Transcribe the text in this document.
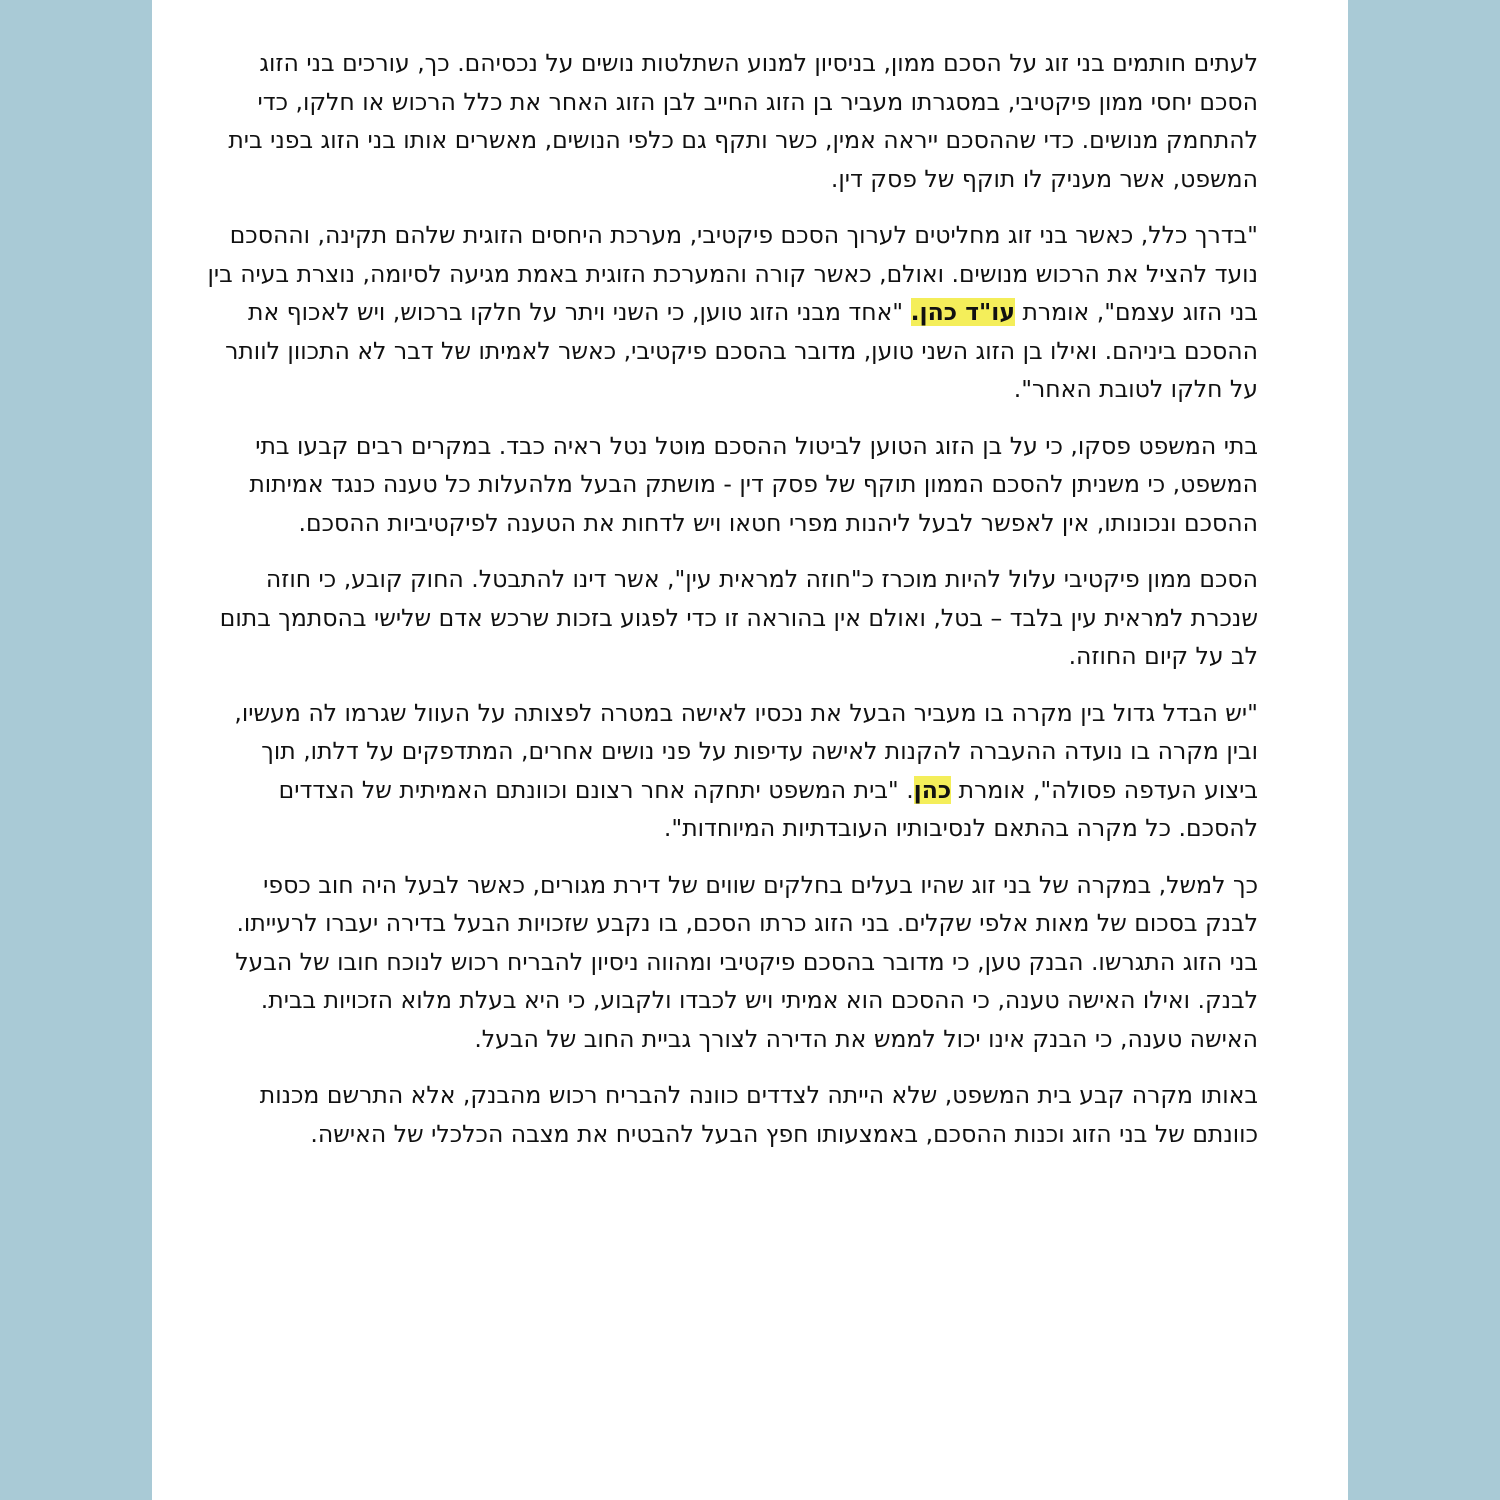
לעתים חותמים בני זוג על הסכם ממון, בניסיון למנוע השתלטות נושים על נכסיהם. כך, עורכים בני הזוג הסכם יחסי ממון פיקטיבי, במסגרתו מעביר בן הזוג החייב לבן הזוג האחר את כלל הרכוש או חלקו, כדי להתחמק מנושים. כדי שההסכם ייראה אמין, כשר ותקף גם כלפי הנושים, מאשרים אותו בני הזוג בפני בית המשפט, אשר מעניק לו תוקף של פסק דין.

"בדרך כלל, כאשר בני זוג מחליטים לערוך הסכם פיקטיבי, מערכת היחסים הזוגית שלהם תקינה, וההסכם נועד להציל את הרכוש מנושים. ואולם, כאשר קורה והמערכת הזוגית באמת מגיעה לסיומה, נוצרת בעיה בין בני הזוג עצמם", אומרת עו"ד כהן. "אחד מבני הזוג טוען, כי השני ויתר על חלקו ברכוש, ויש לאכוף את ההסכם ביניהם. ואילו בן הזוג השני טוען, מדובר בהסכם פיקטיבי, כאשר לאמיתו של דבר לא התכוון לוותר על חלקו לטובת האחר".

בתי המשפט פסקו, כי על בן הזוג הטוען לביטול ההסכם מוטל נטל ראיה כבד. במקרים רבים קבעו בתי המשפט, כי משניתן להסכם הממון תוקף של פסק דין - מושתק הבעל מלהעלות כל טענה כנגד אמיתות ההסכם ונכונותו, אין לאפשר לבעל ליהנות מפרי חטאו ויש לדחות את הטענה לפיקטיביות ההסכם.

הסכם ממון פיקטיבי עלול להיות מוכרז כ"חוזה למראית עין", אשר דינו להתבטל. החוק קובע, כי חוזה שנכרת למראית עין בלבד – בטל, ואולם אין בהוראה זו כדי לפגוע בזכות שרכש אדם שלישי בהסתמך בתום לב על קיום החוזה.

"יש הבדל גדול בין מקרה בו מעביר הבעל את נכסיו לאישה במטרה לפצותה על העוול שגרמו לה מעשיו, ובין מקרה בו נועדה ההעברה להקנות לאישה עדיפות על פני נושים אחרים, המתדפקים על דלתו, תוך ביצוע העדפה פסולה", אומרת כהן. "בית המשפט יתחקה אחר רצונם וכוונתם האמיתית של הצדדים להסכם. כל מקרה בהתאם לנסיבותיו העובדתיות המיוחדות".

כך למשל, במקרה של בני זוג שהיו בעלים בחלקים שווים של דירת מגורים, כאשר לבעל היה חוב כספי לבנק בסכום של מאות אלפי שקלים. בני הזוג כרתו הסכם, בו נקבע שזכויות הבעל בדירה יעברו לרעייתו. בני הזוג התגרשו. הבנק טען, כי מדובר בהסכם פיקטיבי ומהווה ניסיון להבריח רכוש לנוכח חובו של הבעל לבנק. ואילו האישה טענה, כי ההסכם הוא אמיתי ויש לכבדו ולקבוע, כי היא בעלת מלוא הזכויות בבית. האישה טענה, כי הבנק אינו יכול לממש את הדירה לצורך גביית החוב של הבעל.

באותו מקרה קבע בית המשפט, שלא הייתה לצדדים כוונה להבריח רכוש מהבנק, אלא התרשם מכנות כוונתם של בני הזוג וכנות ההסכם, באמצעותו חפץ הבעל להבטיח את מצבה הכלכלי של האישה.
